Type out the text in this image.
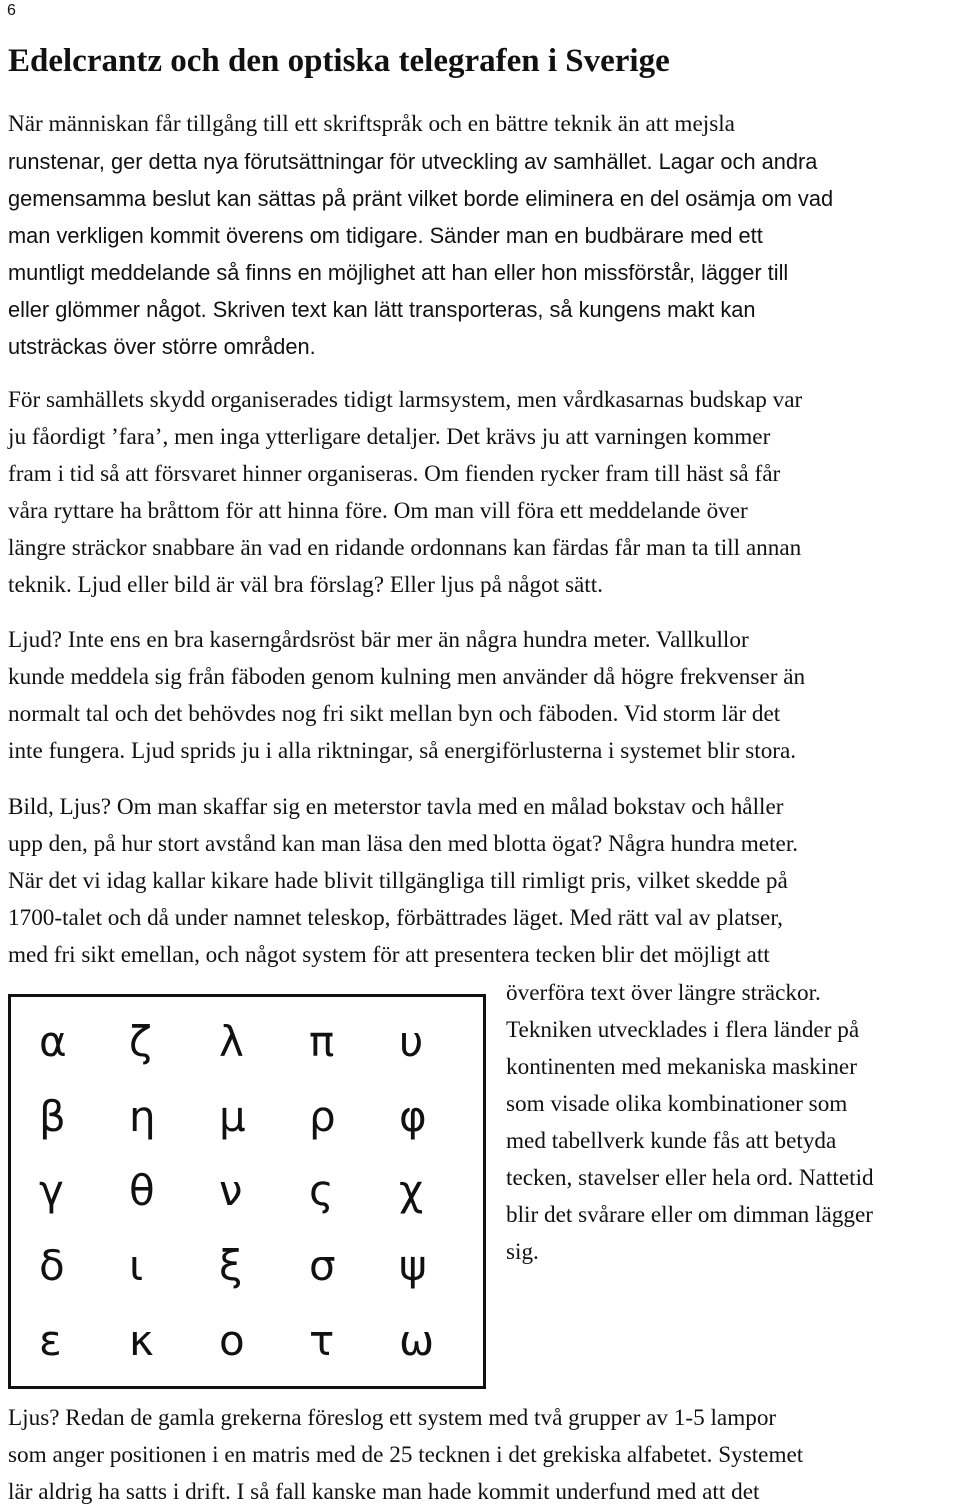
6
Edelcrantz och den optiska telegrafen i Sverige
När människan får tillgång till ett skriftspråk och en bättre teknik än att mejsla
runstenar, ger detta nya förutsättningar för utveckling av samhället. Lagar och andra
gemensamma beslut kan sättas på pränt vilket borde eliminera en del osämja om vad
man verkligen kommit överens om tidigare. Sänder man en budbärare med ett
muntligt meddelande så finns en möjlighet att han eller hon missförstår, lägger till
eller glömmer något. Skriven text kan lätt transporteras, så kungens makt kan
utsträckas över större områden.
För samhällets skydd organiserades tidigt larmsystem, men vårdkasarnas budskap var
ju fåordigt ’fara’, men inga ytterligare detaljer. Det krävs ju att varningen kommer
fram i tid så att försvaret hinner organiseras. Om fienden rycker fram till häst så får
våra ryttare ha bråttom för att hinna före. Om man vill föra ett meddelande över
längre sträckor snabbare än vad en ridande ordonnans kan färdas får man ta till annan
teknik. Ljud eller bild är väl bra förslag? Eller ljus på något sätt.
Ljud? Inte ens en bra kaserngårdsröst bär mer än några hundra meter. Vallkullor
kunde meddela sig från fäboden genom kulning men använder då högre frekvenser än
normalt tal och det behövdes nog fri sikt mellan byn och fäboden. Vid storm lär det
inte fungera. Ljud sprids ju i alla riktningar, så energiförlusterna i systemet blir stora.
Bild, Ljus? Om man skaffar sig en meterstor tavla med en målad bokstav och håller
upp den, på hur stort avstånd kan man läsa den med blotta ögat? Några hundra meter.
När det vi idag kallar kikare hade blivit tillgängliga till rimligt pris, vilket skedde på
1700-talet och då under namnet teleskop, förbättrades läget. Med rätt val av platser,
med fri sikt emellan, och något system för att presentera tecken blir det möjligt att
α	ζ	λ	π	υ
β	η	μ	ρ	φ
γ	θ	ν	ς	χ
δ	ι	ξ	σ	ψ
ε	κ	ο	τ	ω
överföra text över längre sträckor.
Tekniken utvecklades i flera länder på
kontinenten med mekaniska maskiner
som visade olika kombinationer som
med tabellverk kunde fås att betyda
tecken, stavelser eller hela ord. Nattetid
blir det svårare eller om dimman lägger
sig.
Ljus? Redan de gamla grekerna föreslog ett system med två grupper av 1-5 lampor
som anger positionen i en matris med de 25 tecknen i det grekiska alfabetet. Systemet
lär aldrig ha satts i drift. I så fall kanske man hade kommit underfund med att det
